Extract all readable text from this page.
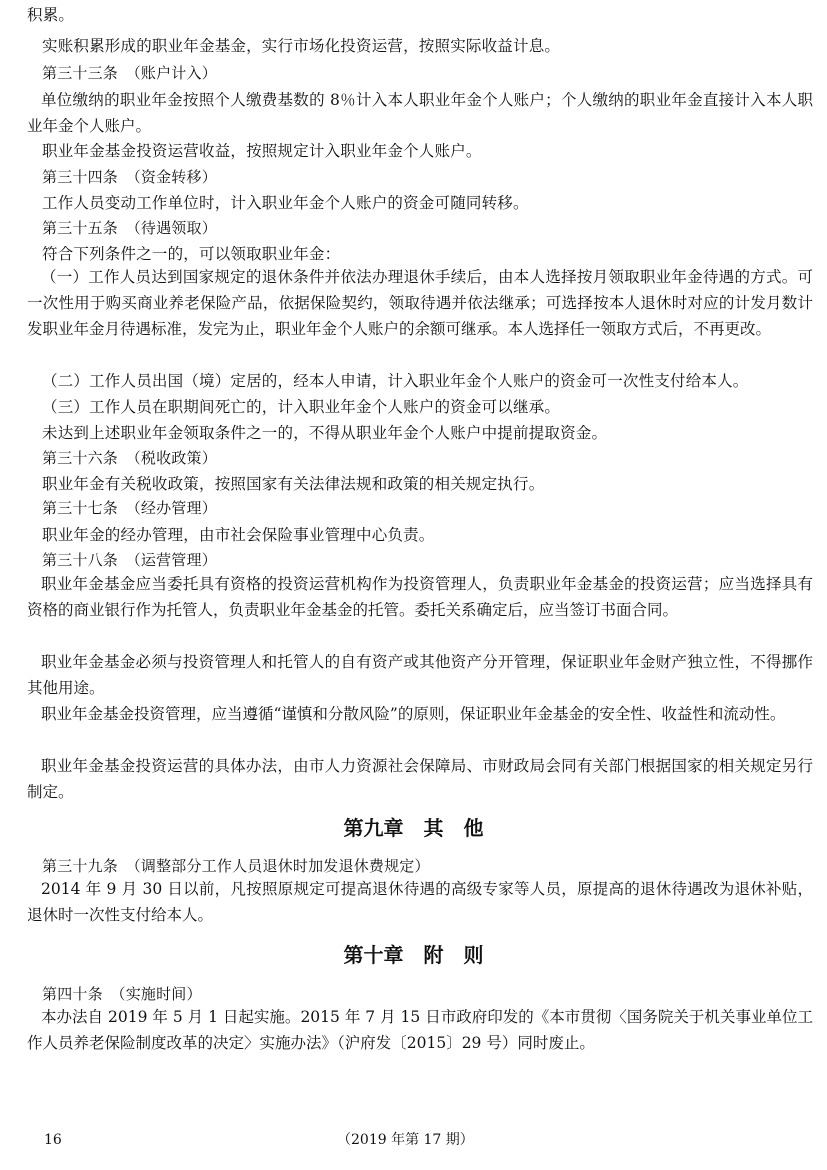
积累。
实账积累形成的职业年金基金，实行市场化投资运营，按照实际收益计息。
第三十三条　（账户计入）
单位缴纳的职业年金按照个人缴费基数的 8％计入本人职业年金个人账户；个人缴纳的职业年金直接计入本人职业年金个人账户。
职业年金基金投资运营收益，按照规定计入职业年金个人账户。
第三十四条　（资金转移）
工作人员变动工作单位时，计入职业年金个人账户的资金可随同转移。
第三十五条　（待遇领取）
符合下列条件之一的，可以领取职业年金：
（一）工作人员达到国家规定的退休条件并依法办理退休手续后，由本人选择按月领取职业年金待遇的方式。可一次性用于购买商业养老保险产品，依据保险契约，领取待遇并依法继承；可选择按本人退休时对应的计发月数计发职业年金月待遇标准，发完为止，职业年金个人账户的余额可继承。本人选择任一领取方式后，不再更改。
（二）工作人员出国（境）定居的，经本人申请，计入职业年金个人账户的资金可一次性支付给本人。
（三）工作人员在职期间死亡的，计入职业年金个人账户的资金可以继承。
未达到上述职业年金领取条件之一的，不得从职业年金个人账户中提前提取资金。
第三十六条　（税收政策）
职业年金有关税收政策，按照国家有关法律法规和政策的相关规定执行。
第三十七条　（经办管理）
职业年金的经办管理，由市社会保险事业管理中心负责。
第三十八条　（运营管理）
职业年金基金应当委托具有资格的投资运营机构作为投资管理人，负责职业年金基金的投资运营；应当选择具有资格的商业银行作为托管人，负责职业年金基金的托管。委托关系确定后，应当签订书面合同。
职业年金基金必须与投资管理人和托管人的自有资产或其他资产分开管理，保证职业年金财产独立性，不得挪作其他用途。
职业年金基金投资管理，应当遵循“谨慎和分散风险”的原则，保证职业年金基金的安全性、收益性和流动性。
职业年金基金投资运营的具体办法，由市人力资源社会保障局、市财政局会同有关部门根据国家的相关规定另行制定。
第九章　其　他
第三十九条　（调整部分工作人员退休时加发退休费规定）
2014 年 9 月 30 日以前，凡按照原规定可提高退休待遇的高级专家等人员，原提高的退休待遇改为退休补贴，退休时一次性支付给本人。
第十章　附　则
第四十条　（实施时间）
本办法自 2019 年 5 月 1 日起实施。2015 年 7 月 15 日市政府印发的《本市贯彻〈国务院关于机关事业单位工作人员养老保险制度改革的决定〉实施办法》（沪府发〔2015〕29 号）同时废止。
16	（2019 年第 17 期）
